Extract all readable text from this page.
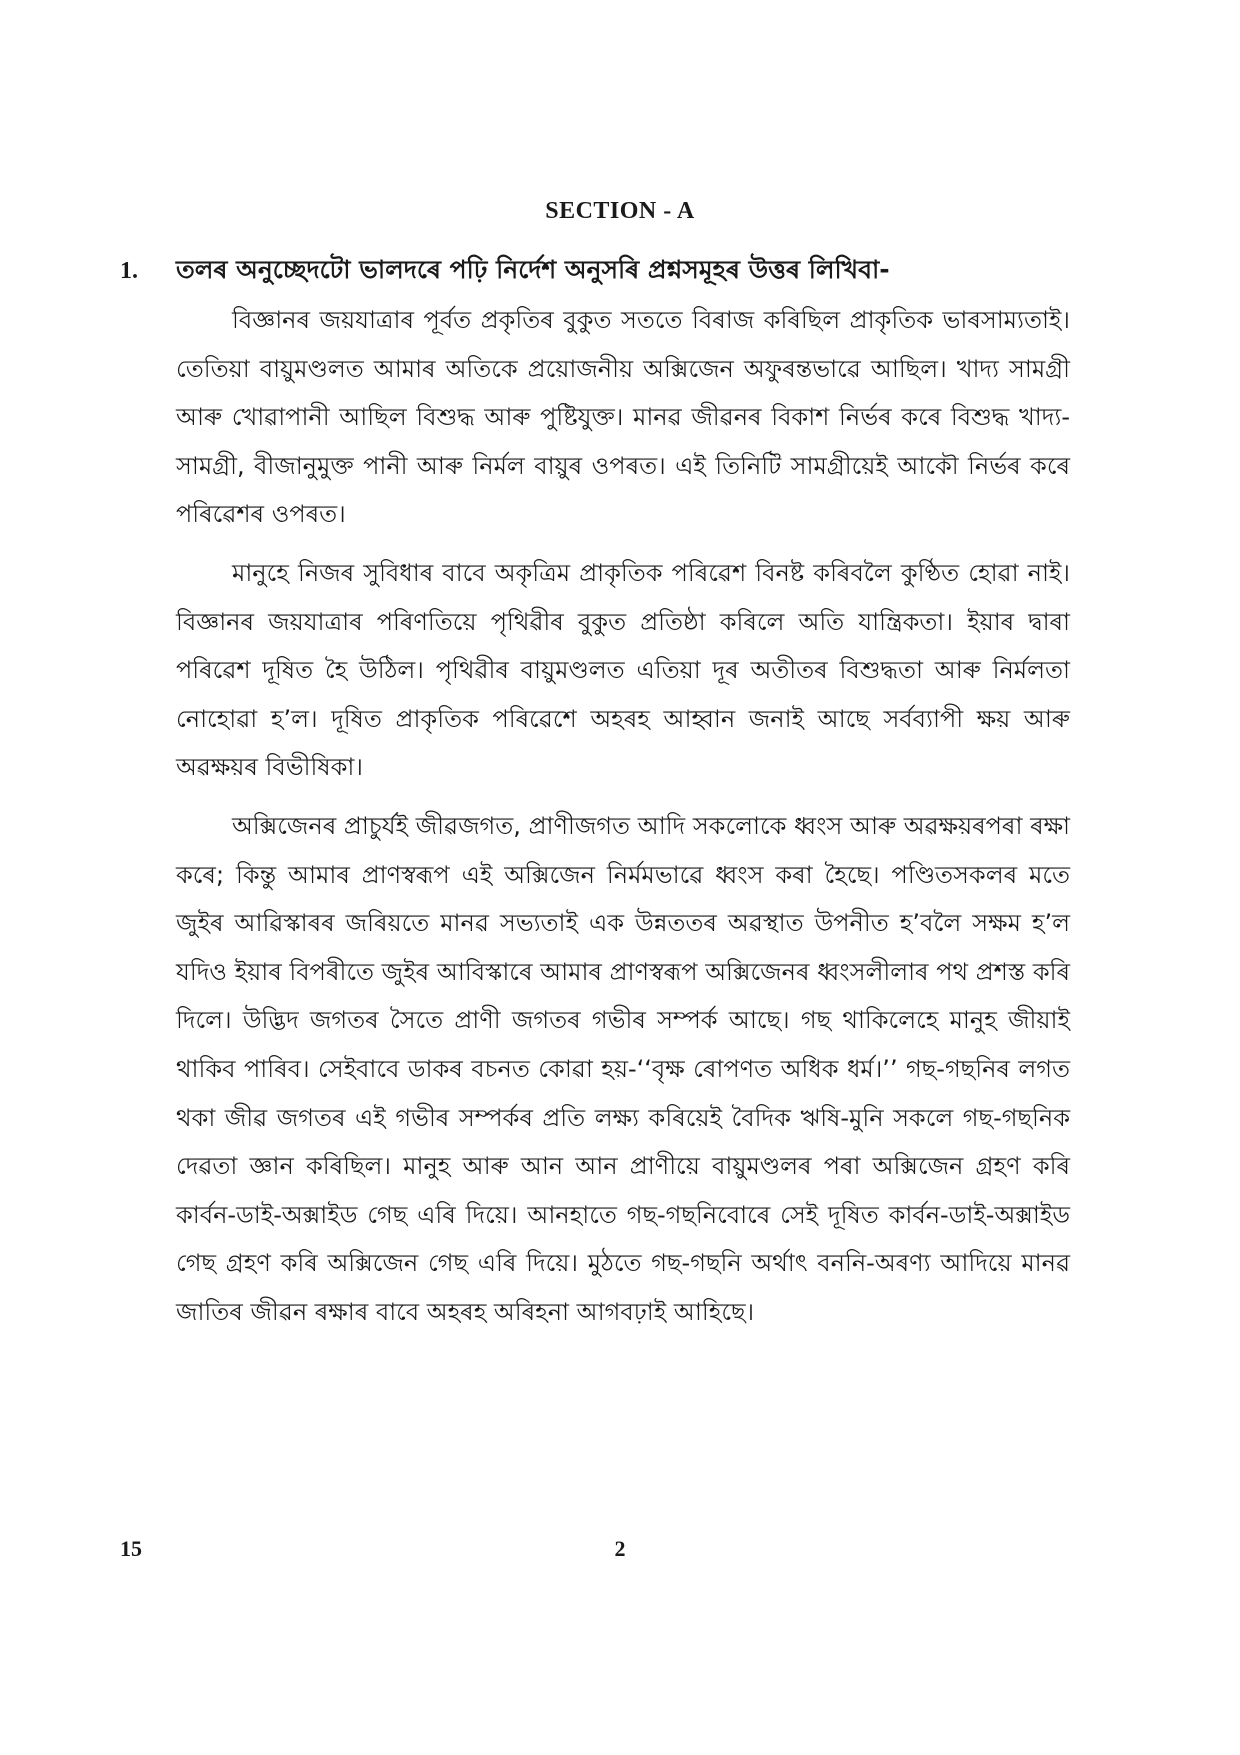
SECTION - A
1.	তলৰ অনুচ্ছেদটো ভালদৰে পঢ়ি নির্দেশ অনুসৰি প্রশ্নসমূহৰ উত্তৰ লিখিবা-

বিজ্ঞানৰ জয়যাত্ৰাৰ পূৰ্বত প্ৰকৃতিৰ বুকুত সততে বিৰাজ কৰিছিল প্ৰাকৃতিক ভাৰসাম্যতাই। তেতিয়া বায়ুমণ্ডলত আমাৰ অতিকে প্ৰয়োজনীয় অক্সিজেন অফুৰন্তভাৱে আছিল। খাদ্য সামগ্ৰী আৰু খোৱাপানী আছিল বিশুদ্ধ আৰু পুষ্টিযুক্ত। মানৱ জীৱনৰ বিকাশ নিৰ্ভৰ কৰে বিশুদ্ধ খাদ্য-সামগ্ৰী, বীজানুমুক্ত পানী আৰু নিৰ্মল বায়ুৰ ওপৰত। এই তিনিটি সামগ্ৰীয়েই আকৌ নিৰ্ভৰ কৰে পৰিৱেশৰ ওপৰত।

মানুহে নিজৰ সুবিধাৰ বাবে অকৃত্ৰিম প্ৰাকৃতিক পৰিৱেশ বিনষ্ট কৰিবলৈ কুণ্ঠিত হোৱা নাই। বিজ্ঞানৰ জয়যাত্ৰাৰ পৰিণতিয়ে পৃথিৱীৰ বুকুত প্ৰতিষ্ঠা কৰিলে অতি যান্ত্ৰিকতা। ইয়াৰ দ্বাৰা পৰিৱেশ দূষিত হৈ উঠিল। পৃথিৱীৰ বায়ুমণ্ডলত এতিয়া দূৰ অতীতৰ বিশুদ্ধতা আৰু নিৰ্মলতা নোহোৱা হ’ল। দূষিত প্ৰাকৃতিক পৰিৱেশে অহৰহ আহ্বান জনাই আছে সৰ্বব্যাপী ক্ষয় আৰু অৱক্ষয়ৰ বিভীষিকা।

অক্সিজেনৰ প্ৰাচুৰ্যই জীৱজগত, প্ৰাণীজগত আদি সকলোকে ধ্বংস আৰু অৱক্ষয়ৰপৰা ৰক্ষা কৰে; কিন্তু আমাৰ প্ৰাণস্বৰূপ এই অক্সিজেন নিৰ্মমভাৱে ধ্বংস কৰা হৈছে। পণ্ডিতসকলৰ মতে জুইৰ আৱিস্কাৰৰ জৰিয়তে মানৱ সভ্যতাই এক উন্নততৰ অৱস্থাত উপনীত হ’বলৈ সক্ষম হ’ল যদিও ইয়াৰ বিপৰীতে জুইৰ আবিস্কাৰে আমাৰ প্ৰাণস্বৰূপ অক্সিজেনৰ ধ্বংসলীলাৰ পথ প্ৰশস্ত কৰি দিলে। উদ্ভিদ জগতৰ সৈতে প্ৰাণী জগতৰ গভীৰ সম্পৰ্ক আছে। গছ থাকিলেহে মানুহ জীয়াই থাকিব পাৰিব। সেইবাবে ডাকৰ বচনত কোৱা হয়-‘‘বৃক্ষ ৰোপণত অধিক ধৰ্ম।’’ গছ-গছনিৰ লগত থকা জীৱ জগতৰ এই গভীৰ সম্পৰ্কৰ প্ৰতি লক্ষ্য কৰিয়েই বৈদিক ঋষি-মুনি সকলে গছ-গছনিক দেৱতা জ্ঞান কৰিছিল। মানুহ আৰু আন আন প্ৰাণীয়ে বায়ুমণ্ডলৰ পৰা অক্সিজেন গ্ৰহণ কৰি কাৰ্বন-ডাই-অক্সাইড গেছ এৰি দিয়ে। আনহাতে গছ-গছনিবোৰে সেই দূষিত কাৰ্বন-ডাই-অক্সাইড গেছ গ্ৰহণ কৰি অক্সিজেন গেছ এৰি দিয়ে। মুঠতে গছ-গছনি অৰ্থাৎ বননি-অৰণ্য আদিয়ে মানৱ জাতিৰ জীৱন ৰক্ষাৰ বাবে অহৰহ অৰিহনা আগবঢ়াই আহিছে।

15	2
